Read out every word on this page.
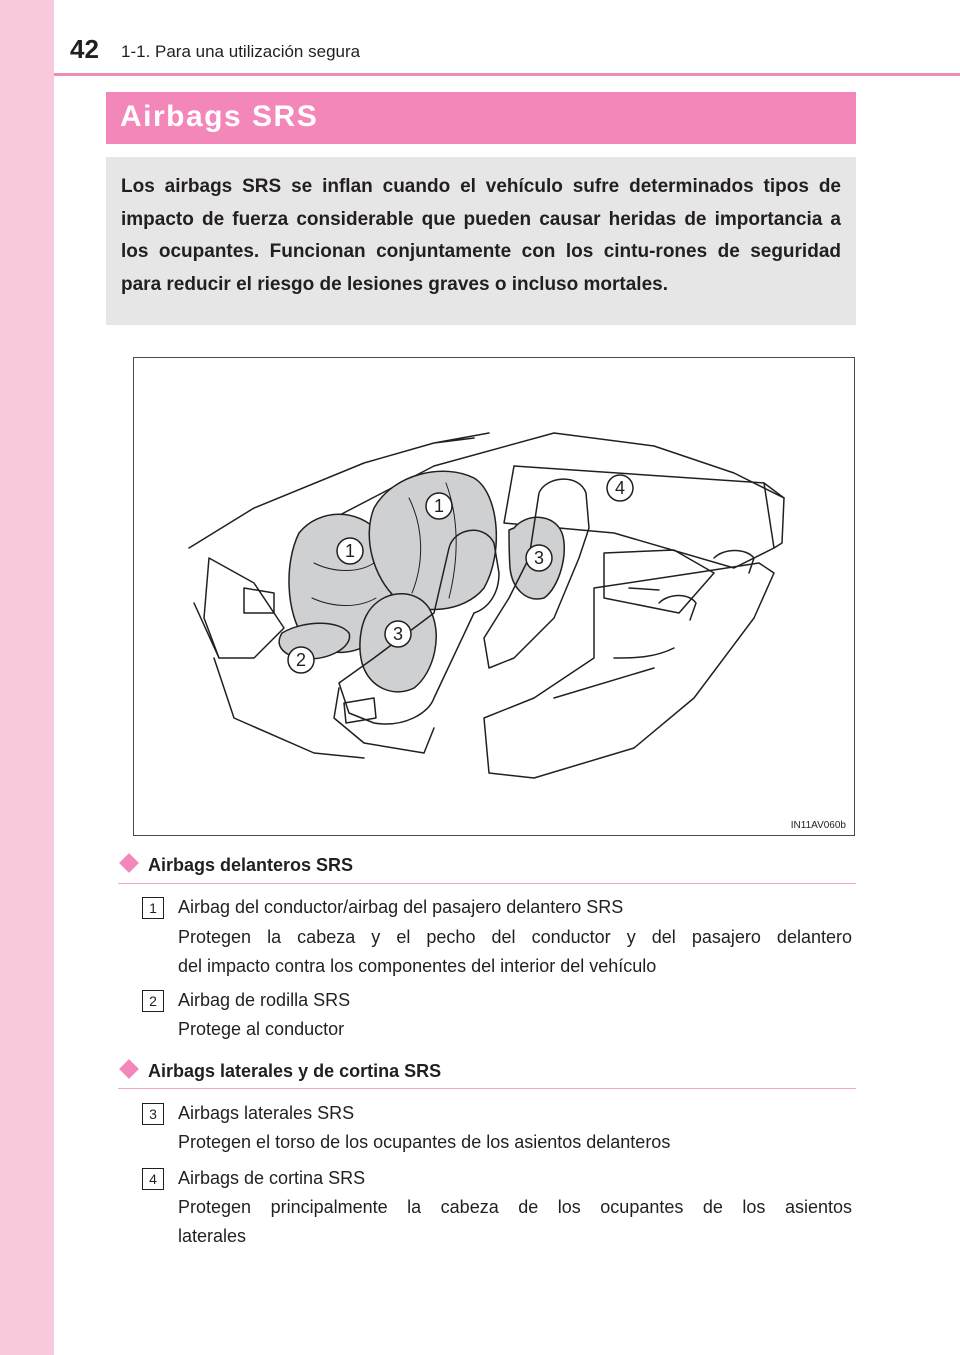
42 1-1. Para una utilización segura
Airbags SRS

Los airbags SRS se inflan cuando el vehículo sufre determinados tipos de impacto de fuerza considerable que pueden causar heridas de importancia a los ocupantes. Funcionan conjuntamente con los cintu-rones de seguridad para reducir el riesgo de lesiones graves o incluso mortales.

1
1
2
3
3
4
IN11AV060b
Airbags delanteros SRS
1	Airbag del conductor/airbag del pasajero delantero SRS
Protegen la cabeza y el pecho del conductor y del pasajero delantero
del impacto contra los componentes del interior del vehículo
2	Airbag de rodilla SRS
Protege al conductor
Airbags laterales y de cortina SRS
3	Airbags laterales SRS
Protegen el torso de los ocupantes de los asientos delanteros
4	Airbags de cortina SRS
Protegen principalmente la cabeza de los ocupantes de los asientos
laterales
